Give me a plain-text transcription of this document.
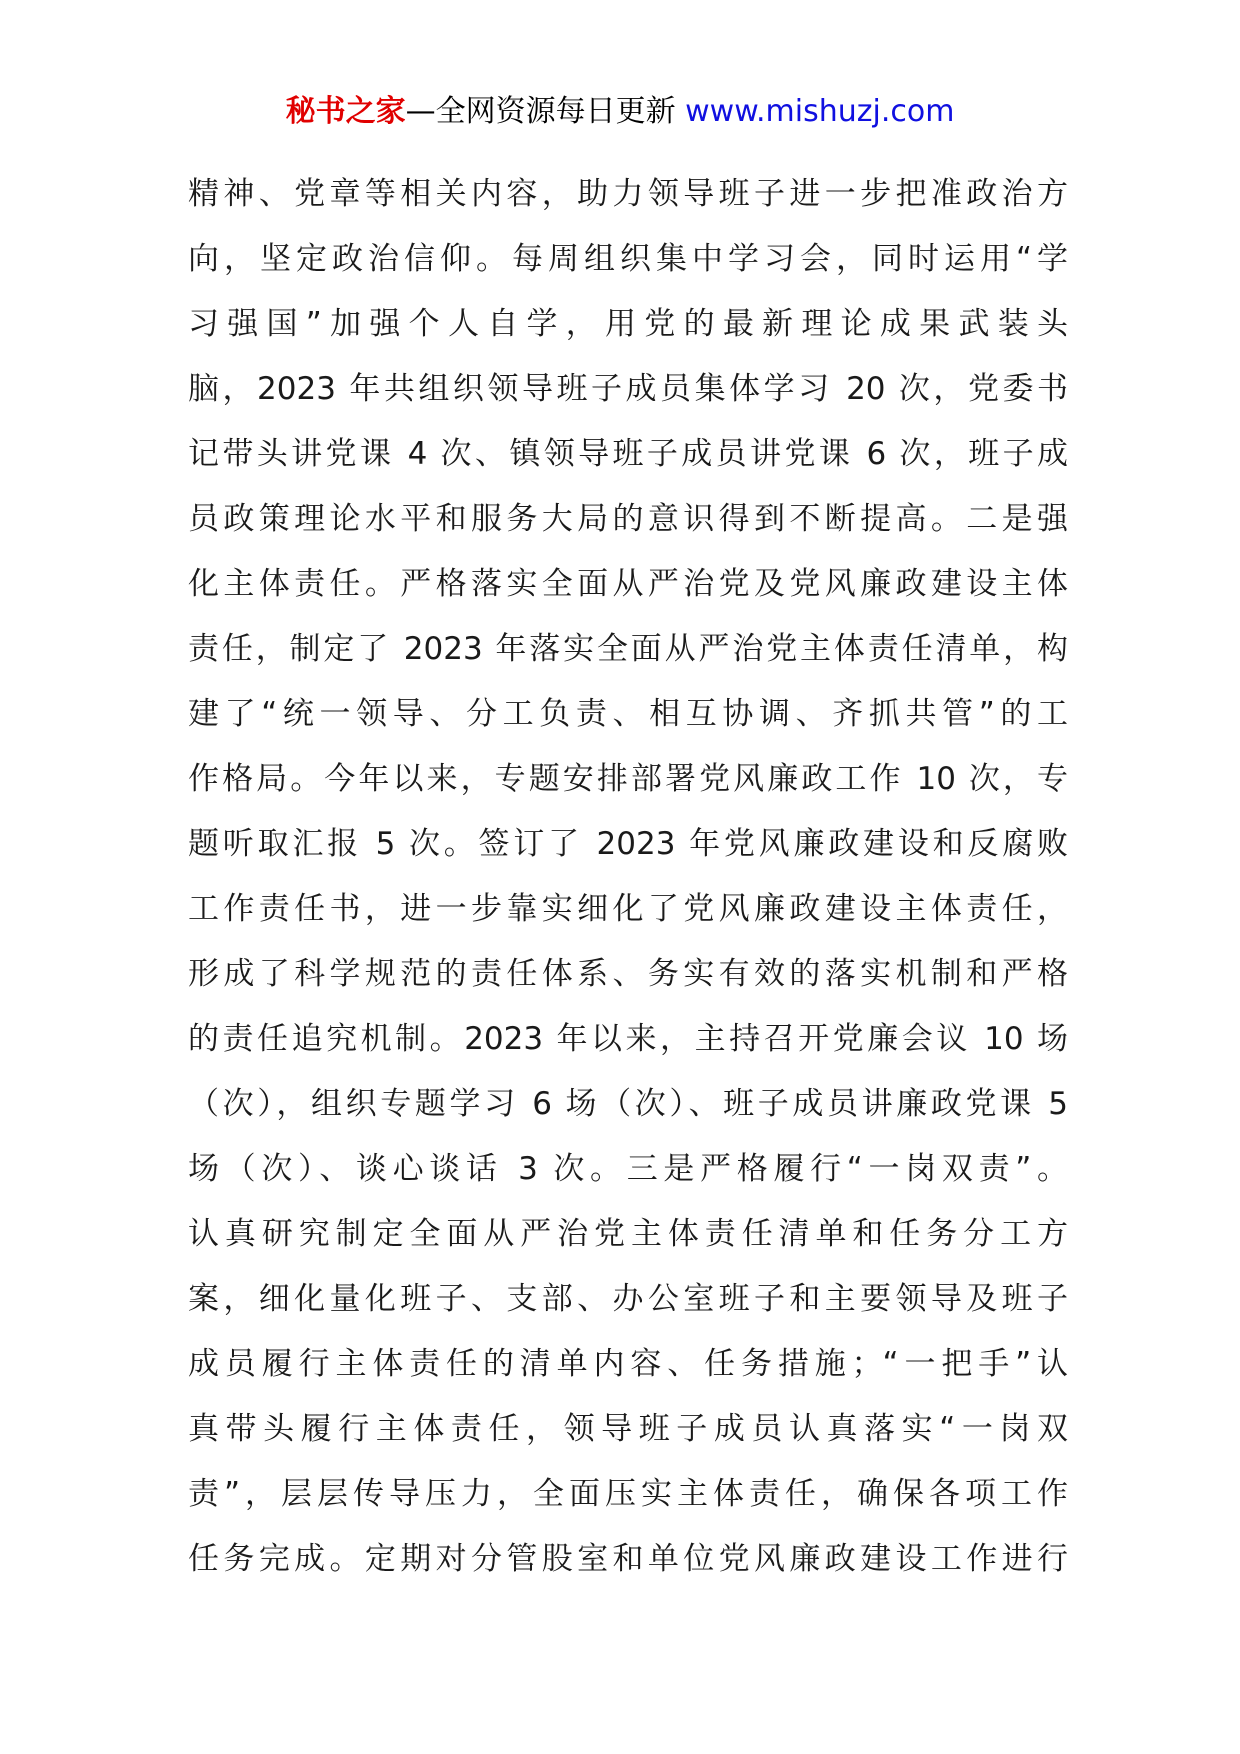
秘书之家—全网资源每日更新 www.mishuzj.com
精神、党章等相关内容，助力领导班子进一步把准政治方
向，坚定政治信仰。每周组织集中学习会，同时运用“学
习强国”加强个人自学，用党的最新理论成果武装头
脑，2023 年共组织领导班子成员集体学习 20 次，党委书
记带头讲党课 4 次、镇领导班子成员讲党课 6 次，班子成
员政策理论水平和服务大局的意识得到不断提高。二是强
化主体责任。严格落实全面从严治党及党风廉政建设主体
责任，制定了 2023 年落实全面从严治党主体责任清单，构
建了“统一领导、分工负责、相互协调、齐抓共管”的工
作格局。今年以来，专题安排部署党风廉政工作 10 次，专
题听取汇报 5 次。签订了 2023 年党风廉政建设和反腐败
工作责任书，进一步靠实细化了党风廉政建设主体责任，
形成了科学规范的责任体系、务实有效的落实机制和严格
的责任追究机制。2023 年以来，主持召开党廉会议 10 场
（次），组织专题学习 6 场（次）、班子成员讲廉政党课 5
场（次）、谈心谈话 3 次。三是严格履行“一岗双责”。
认真研究制定全面从严治党主体责任清单和任务分工方
案，细化量化班子、支部、办公室班子和主要领导及班子
成员履行主体责任的清单内容、任务措施；“一把手”认
真带头履行主体责任，领导班子成员认真落实“一岗双
责”，层层传导压力，全面压实主体责任，确保各项工作
任务完成。定期对分管股室和单位党风廉政建设工作进行
